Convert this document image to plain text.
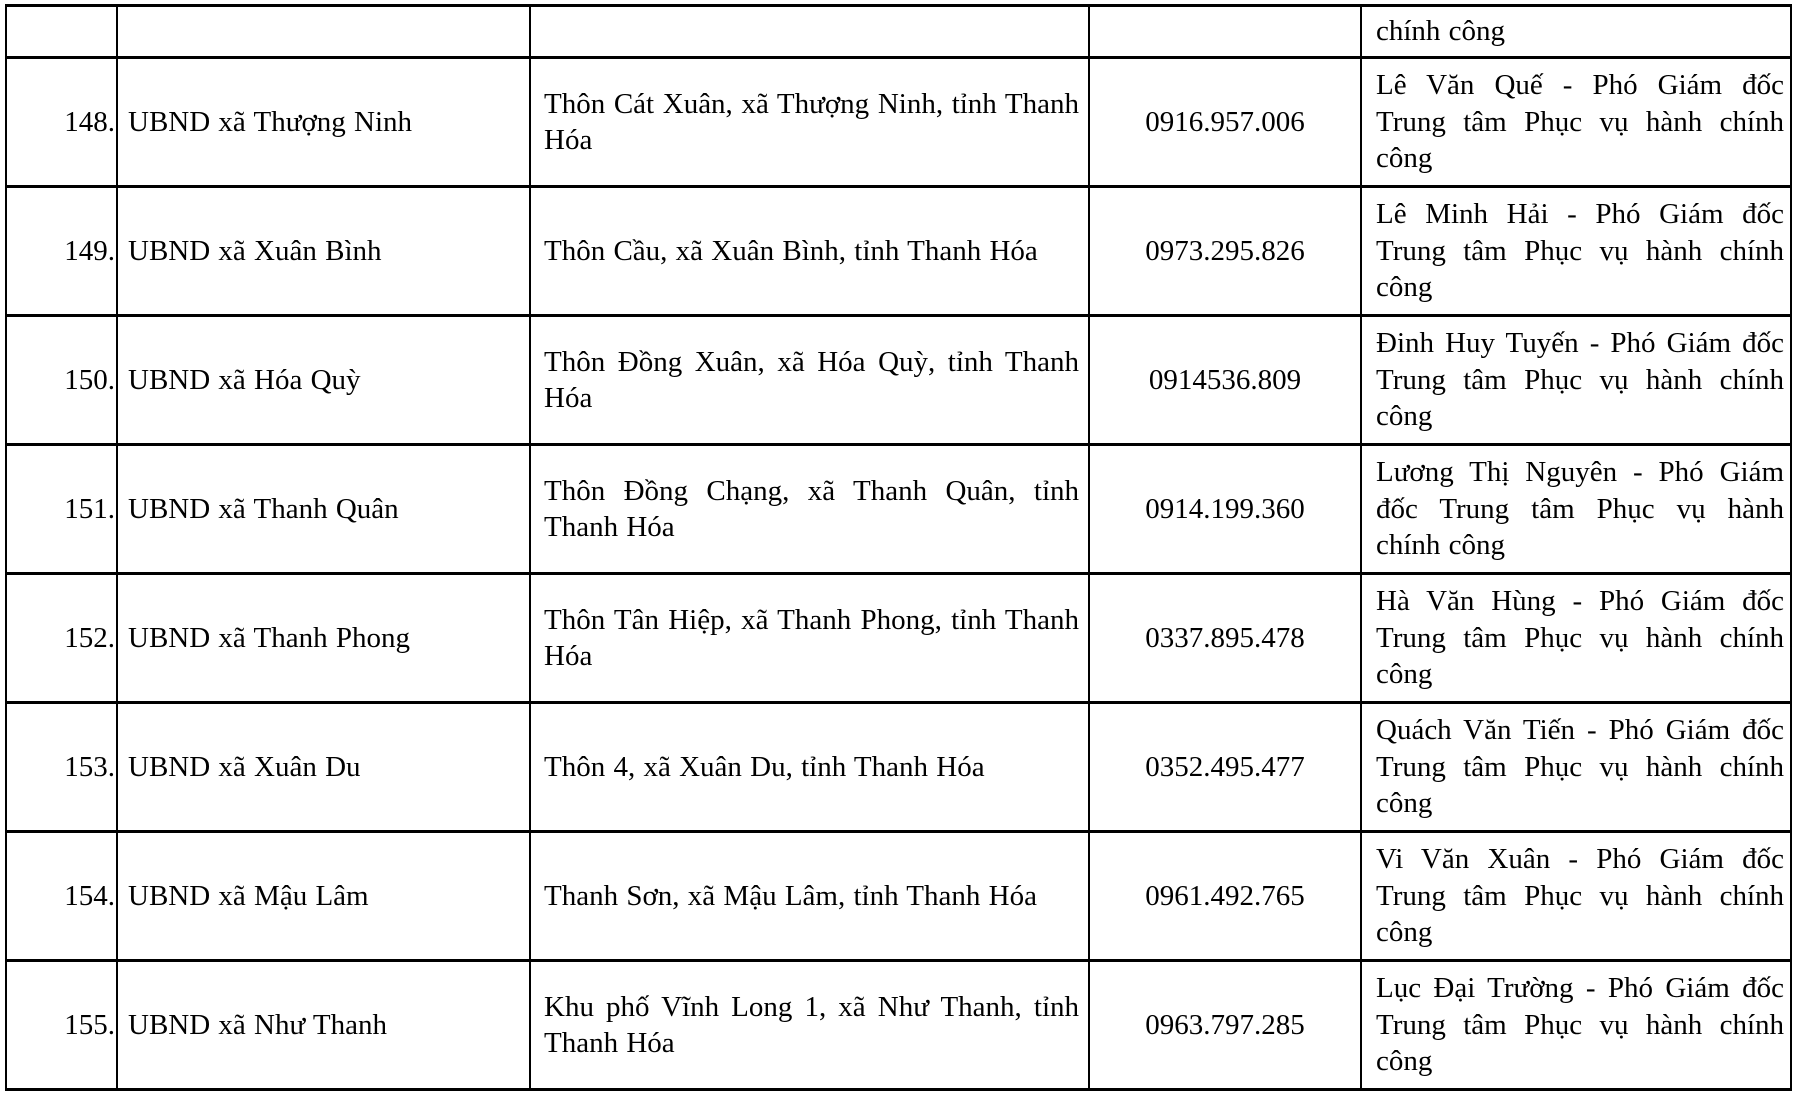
				chính công
148.	UBND xã Thượng Ninh	Thôn Cát Xuân, xã Thượng Ninh, tỉnh Thanh Hóa	0916.957.006	Lê Văn Quế - Phó Giám đốc Trung tâm Phục vụ hành chính công
149.	UBND xã Xuân Bình	Thôn Cầu, xã Xuân Bình, tỉnh Thanh Hóa	0973.295.826	Lê Minh Hải - Phó Giám đốc Trung tâm Phục vụ hành chính công
150.	UBND xã Hóa Quỳ	Thôn Đồng Xuân, xã Hóa Quỳ, tỉnh Thanh Hóa	0914536.809	Đinh Huy Tuyến - Phó Giám đốc Trung tâm Phục vụ hành chính công
151.	UBND xã Thanh Quân	Thôn Đồng Chạng, xã Thanh Quân, tỉnh Thanh Hóa	0914.199.360	Lương Thị Nguyên - Phó Giám đốc Trung tâm Phục vụ hành chính công
152.	UBND xã Thanh Phong	Thôn Tân Hiệp, xã Thanh Phong, tỉnh Thanh Hóa	0337.895.478	Hà Văn Hùng - Phó Giám đốc Trung tâm Phục vụ hành chính công
153.	UBND xã Xuân Du	Thôn 4, xã Xuân Du, tỉnh Thanh Hóa	0352.495.477	Quách Văn Tiến - Phó Giám đốc Trung tâm Phục vụ hành chính công
154.	UBND xã Mậu Lâm	Thanh Sơn, xã Mậu Lâm, tỉnh Thanh Hóa	0961.492.765	Vi Văn Xuân - Phó Giám đốc Trung tâm Phục vụ hành chính công
155.	UBND xã Như Thanh	Khu phố Vĩnh Long 1, xã Như Thanh, tỉnh Thanh Hóa	0963.797.285	Lục Đại Trường - Phó Giám đốc Trung tâm Phục vụ hành chính công
